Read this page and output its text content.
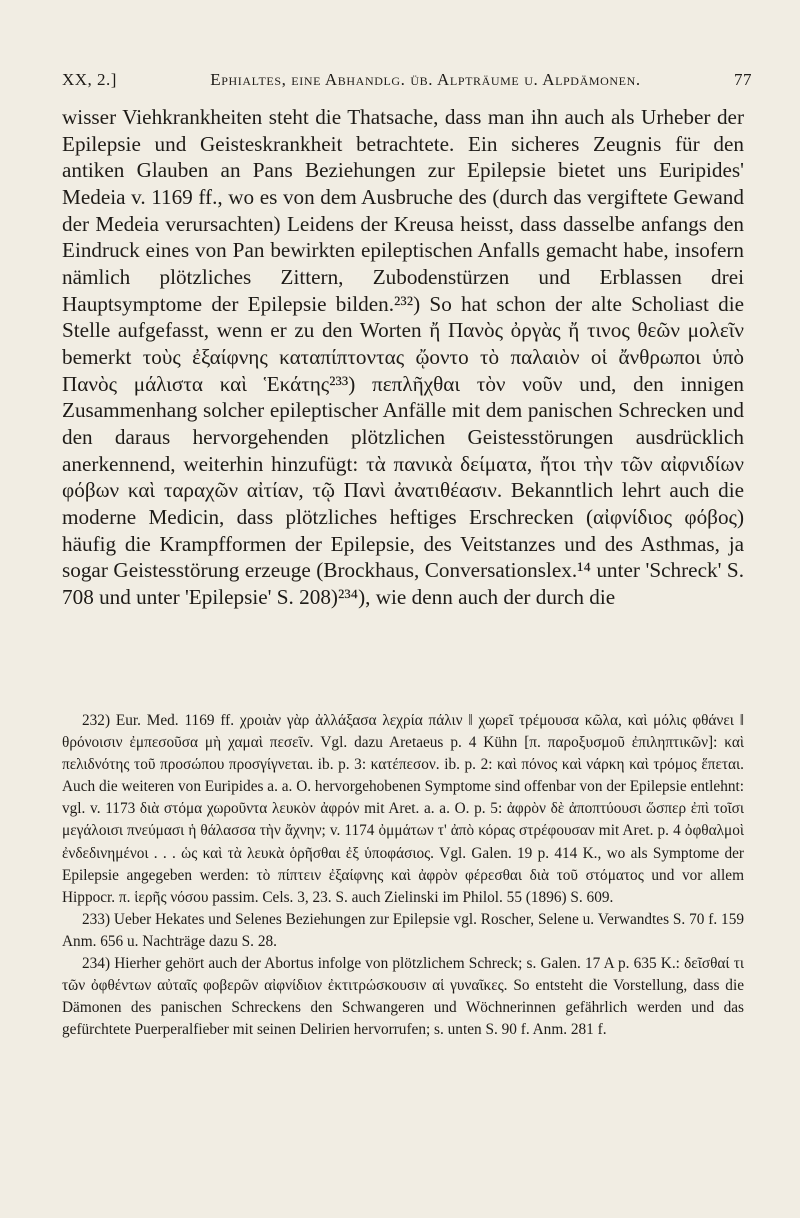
XX, 2.]	Ephialtes, eine Abhandlg. üb. Alpträume u. Alpdämonen.	77

wisser Viehkrankheiten steht die Thatsache, dass man ihn auch als Urheber der Epilepsie und Geisteskrankheit betrachtete. Ein sicheres Zeugnis für den antiken Glauben an Pans Beziehungen zur Epilepsie bietet uns Euripides' Medeia v. 1169 ff., wo es von dem Ausbruche des (durch das vergiftete Gewand der Medeia verursachten) Leidens der Kreusa heisst, dass dasselbe anfangs den Eindruck eines von Pan bewirkten epileptischen Anfalls gemacht habe, insofern nämlich plötzliches Zittern, Zubodenstürzen und Erblassen drei Hauptsymptome der Epilepsie bilden.²³²) So hat schon der alte Scholiast die Stelle aufgefasst, wenn er zu den Worten ἤ Πανὸς ὀργὰς ἤ τινος θεῶν μολεῖν bemerkt τοὺς ἐξαίφνης καταπίπτοντας ᾤοντο τὸ παλαιὸν οἱ ἄνθρωποι ὑπὸ Πανὸς μάλιστα καὶ Ἑκάτης²³³) πεπλῆχθαι τὸν νοῦν und, den innigen Zusammenhang solcher epileptischer Anfälle mit dem panischen Schrecken und den daraus hervorgehenden plötzlichen Geistesstörungen ausdrücklich anerkennend, weiterhin hinzufügt: τὰ πανικὰ δείματα, ἤτοι τὴν τῶν αἰφνιδίων φόβων καὶ ταραχῶν αἰτίαν, τῷ Πανὶ ἀνατιθέασιν. Bekanntlich lehrt auch die moderne Medicin, dass plötzliches heftiges Erschrecken (αἰφνίδιος φόβος) häufig die Krampfformen der Epilepsie, des Veitstanzes und des Asthmas, ja sogar Geistesstörung erzeuge (Brockhaus, Conversationslex.¹⁴ unter 'Schreck' S. 708 und unter 'Epilepsie' S. 208)²³⁴), wie denn auch der durch die

232) Eur. Med. 1169 ff. χροιὰν γὰρ ἀλλάξασα λεχρία πάλιν ‖ χωρεῖ τρέμουσα κῶλα, καὶ μόλις φθάνει ‖ θρόνοισιν ἐμπεσοῦσα μὴ χαμαὶ πεσεῖν. Vgl. dazu Aretaeus p. 4 Kühn [π. παροξυσμοῦ ἐπιληπτικῶν]: καὶ πελιδνότης τοῦ προσώπου προσγίγνεται. ib. p. 3: κατέπεσον. ib. p. 2: καὶ πόνος καὶ νάρκη καὶ τρόμος ἕπεται. Auch die weiteren von Euripides a. a. O. hervorgehobenen Symptome sind offenbar von der Epilepsie entlehnt: vgl. v. 1173 διὰ στόμα χωροῦντα λευκὸν ἀφρόν mit Aret. a. a. O. p. 5: ἀφρὸν δὲ ἀποπτύουσι ὥσπερ ἐπὶ τοῖσι μεγάλοισι πνεύμασι ἡ θάλασσα τὴν ἄχνην; v. 1174 ὀμμάτων τ' ἀπὸ κόρας στρέφουσαν mit Aret. p. 4 ὀφθαλμοὶ ἐνδεδινημένοι . . . ὡς καὶ τὰ λευκὰ ὁρῆσθαι ἐξ ὑποφάσιος. Vgl. Galen. 19 p. 414 K., wo als Symptome der Epilepsie angegeben werden: τὸ πίπτειν ἐξαίφνης καὶ ἀφρὸν φέρεσθαι διὰ τοῦ στόματος und vor allem Hippocr. π. ἱερῆς νόσου passim. Cels. 3, 23. S. auch Zielinski im Philol. 55 (1896) S. 609.

233) Ueber Hekates und Selenes Beziehungen zur Epilepsie vgl. Roscher, Selene u. Verwandtes S. 70 f. 159 Anm. 656 u. Nachträge dazu S. 28.

234) Hierher gehört auch der Abortus infolge von plötzlichem Schreck; s. Galen. 17 A p. 635 K.: δεῖσθαί τι τῶν ὀφθέντων αὐταῖς φοβερῶν αἰφνίδιον ἐκτιτρώσκουσιν αἱ γυναῖκες. So entsteht die Vorstellung, dass die Dämonen des panischen Schreckens den Schwangeren und Wöchnerinnen gefährlich werden und das gefürchtete Puerperalfieber mit seinen Delirien hervorrufen; s. unten S. 90 f. Anm. 281 f.
